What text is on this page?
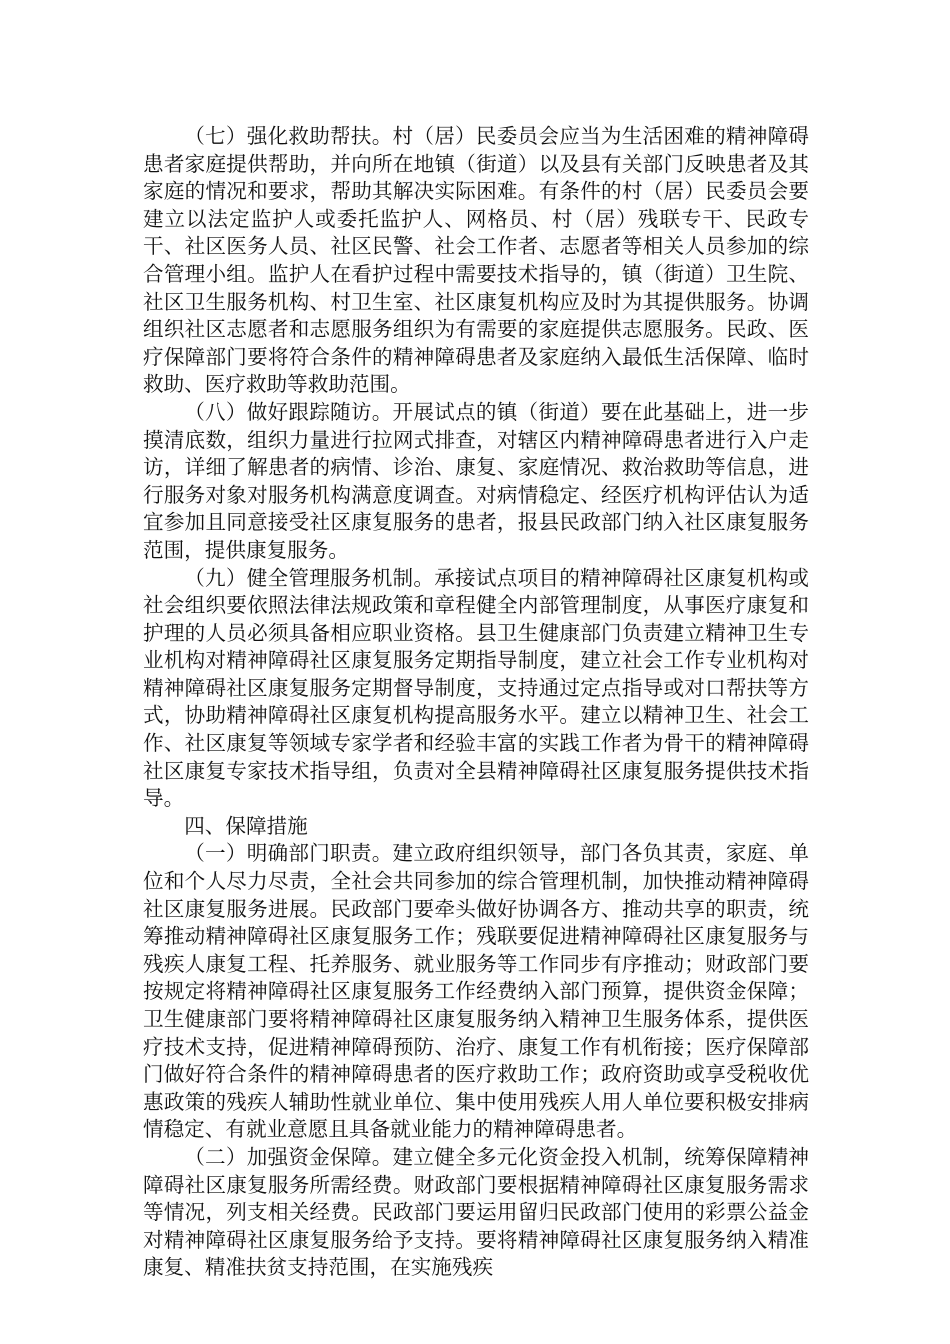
（七）强化救助帮扶。村（居）民委员会应当为生活困难的精神障碍患者家庭提供帮助，并向所在地镇（街道）以及县有关部门反映患者及其家庭的情况和要求，帮助其解决实际困难。有条件的村（居）民委员会要建立以法定监护人或委托监护人、网格员、村（居）残联专干、民政专干、社区医务人员、社区民警、社会工作者、志愿者等相关人员参加的综合管理小组。监护人在看护过程中需要技术指导的，镇（街道）卫生院、社区卫生服务机构、村卫生室、社区康复机构应及时为其提供服务。协调组织社区志愿者和志愿服务组织为有需要的家庭提供志愿服务。民政、医疗保障部门要将符合条件的精神障碍患者及家庭纳入最低生活保障、临时救助、医疗救助等救助范围。

（八）做好跟踪随访。开展试点的镇（街道）要在此基础上，进一步摸清底数，组织力量进行拉网式排查，对辖区内精神障碍患者进行入户走访，详细了解患者的病情、诊治、康复、家庭情况、救治救助等信息，进行服务对象对服务机构满意度调查。对病情稳定、经医疗机构评估认为适宜参加且同意接受社区康复服务的患者，报县民政部门纳入社区康复服务范围，提供康复服务。

（九）健全管理服务机制。承接试点项目的精神障碍社区康复机构或社会组织要依照法律法规政策和章程健全内部管理制度，从事医疗康复和护理的人员必须具备相应职业资格。县卫生健康部门负责建立精神卫生专业机构对精神障碍社区康复服务定期指导制度，建立社会工作专业机构对精神障碍社区康复服务定期督导制度，支持通过定点指导或对口帮扶等方式，协助精神障碍社区康复机构提高服务水平。建立以精神卫生、社会工作、社区康复等领域专家学者和经验丰富的实践工作者为骨干的精神障碍社区康复专家技术指导组，负责对全县精神障碍社区康复服务提供技术指导。

四、保障措施

（一）明确部门职责。建立政府组织领导，部门各负其责，家庭、单位和个人尽力尽责，全社会共同参加的综合管理机制，加快推动精神障碍社区康复服务进展。民政部门要牵头做好协调各方、推动共享的职责，统筹推动精神障碍社区康复服务工作；残联要促进精神障碍社区康复服务与残疾人康复工程、托养服务、就业服务等工作同步有序推动；财政部门要按规定将精神障碍社区康复服务工作经费纳入部门预算，提供资金保障；卫生健康部门要将精神障碍社区康复服务纳入精神卫生服务体系，提供医疗技术支持，促进精神障碍预防、治疗、康复工作有机衔接；医疗保障部门做好符合条件的精神障碍患者的医疗救助工作；政府资助或享受税收优惠政策的残疾人辅助性就业单位、集中使用残疾人用人单位要积极安排病情稳定、有就业意愿且具备就业能力的精神障碍患者。

（二）加强资金保障。建立健全多元化资金投入机制，统筹保障精神障碍社区康复服务所需经费。财政部门要根据精神障碍社区康复服务需求等情况，列支相关经费。民政部门要运用留归民政部门使用的彩票公益金对精神障碍社区康复服务给予支持。要将精神障碍社区康复服务纳入精准康复、精准扶贫支持范围，在实施残疾
